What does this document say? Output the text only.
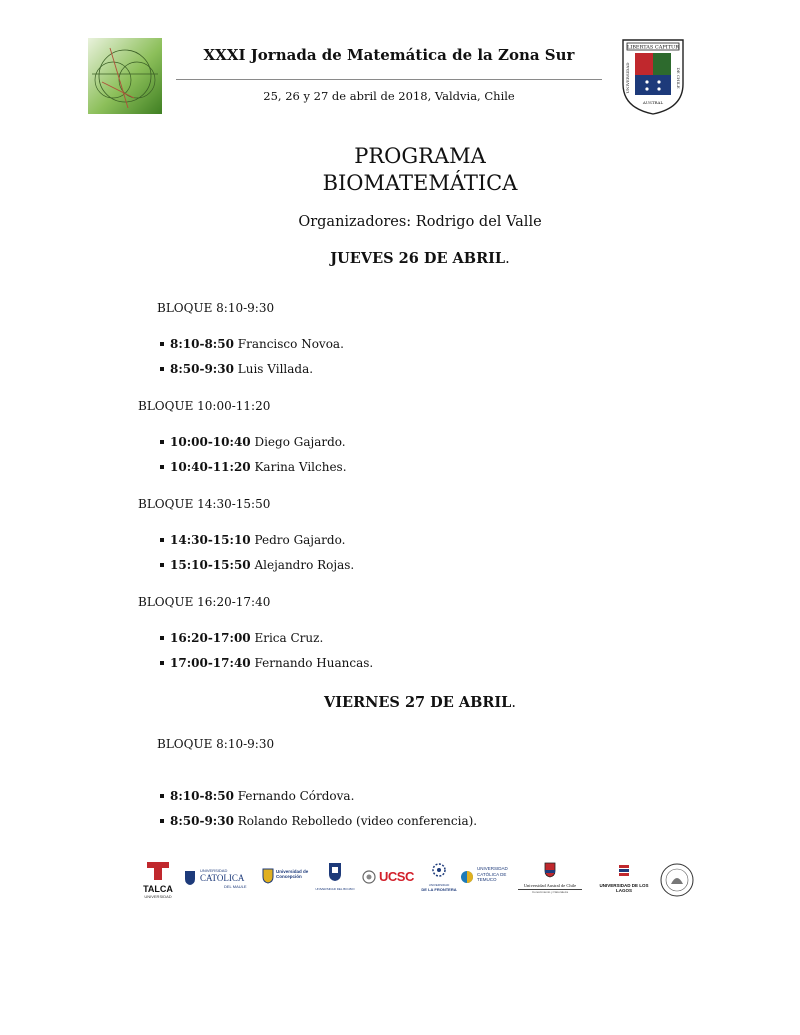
XXXI Jornada de Matemática de la Zona Sur
25, 26 y 27 de abril de 2018, Valdvia, Chile
LIBERTAS CAPITUR
UNIVERSIDAD	DE CHILE
AUSTRAL
PROGRAMA
BIOMATEMÁTICA
Organizadores: Rodrigo del Valle
JUEVES 26 DE ABRIL.
BLOQUE 8:10-9:30
8:10-8:50 Francisco Novoa.
8:50-9:30 Luis Villada.
BLOQUE 10:00-11:20
10:00-10:40 Diego Gajardo.
10:40-11:20 Karina Vilches.
BLOQUE 14:30-15:50
14:30-15:10 Pedro Gajardo.
15:10-15:50 Alejandro Rojas.
BLOQUE 16:20-17:40
16:20-17:00 Erica Cruz.
17:00-17:40 Fernando Huancas.
VIERNES 27 DE ABRIL.
BLOQUE 8:10-9:30
8:10-8:50 Fernando Córdova.
8:50-9:30 Rolando Rebolledo (video conferencia).
TALCA
UNIVERSIDAD
UNIVERSIDAD
CATOLICA
DEL MAULE
Universidad de Concepción
UNIVERSIDAD DEL BIO-BIO
UCSC
UNIVERSIDAD
DE LA FRONTERA
UNIVERSIDAD
CATÓLICA DE
TEMUCO
Universidad Austral de Chile
Conocimiento y Naturaleza
UNIVERSIDAD DE LOS LAGOS
